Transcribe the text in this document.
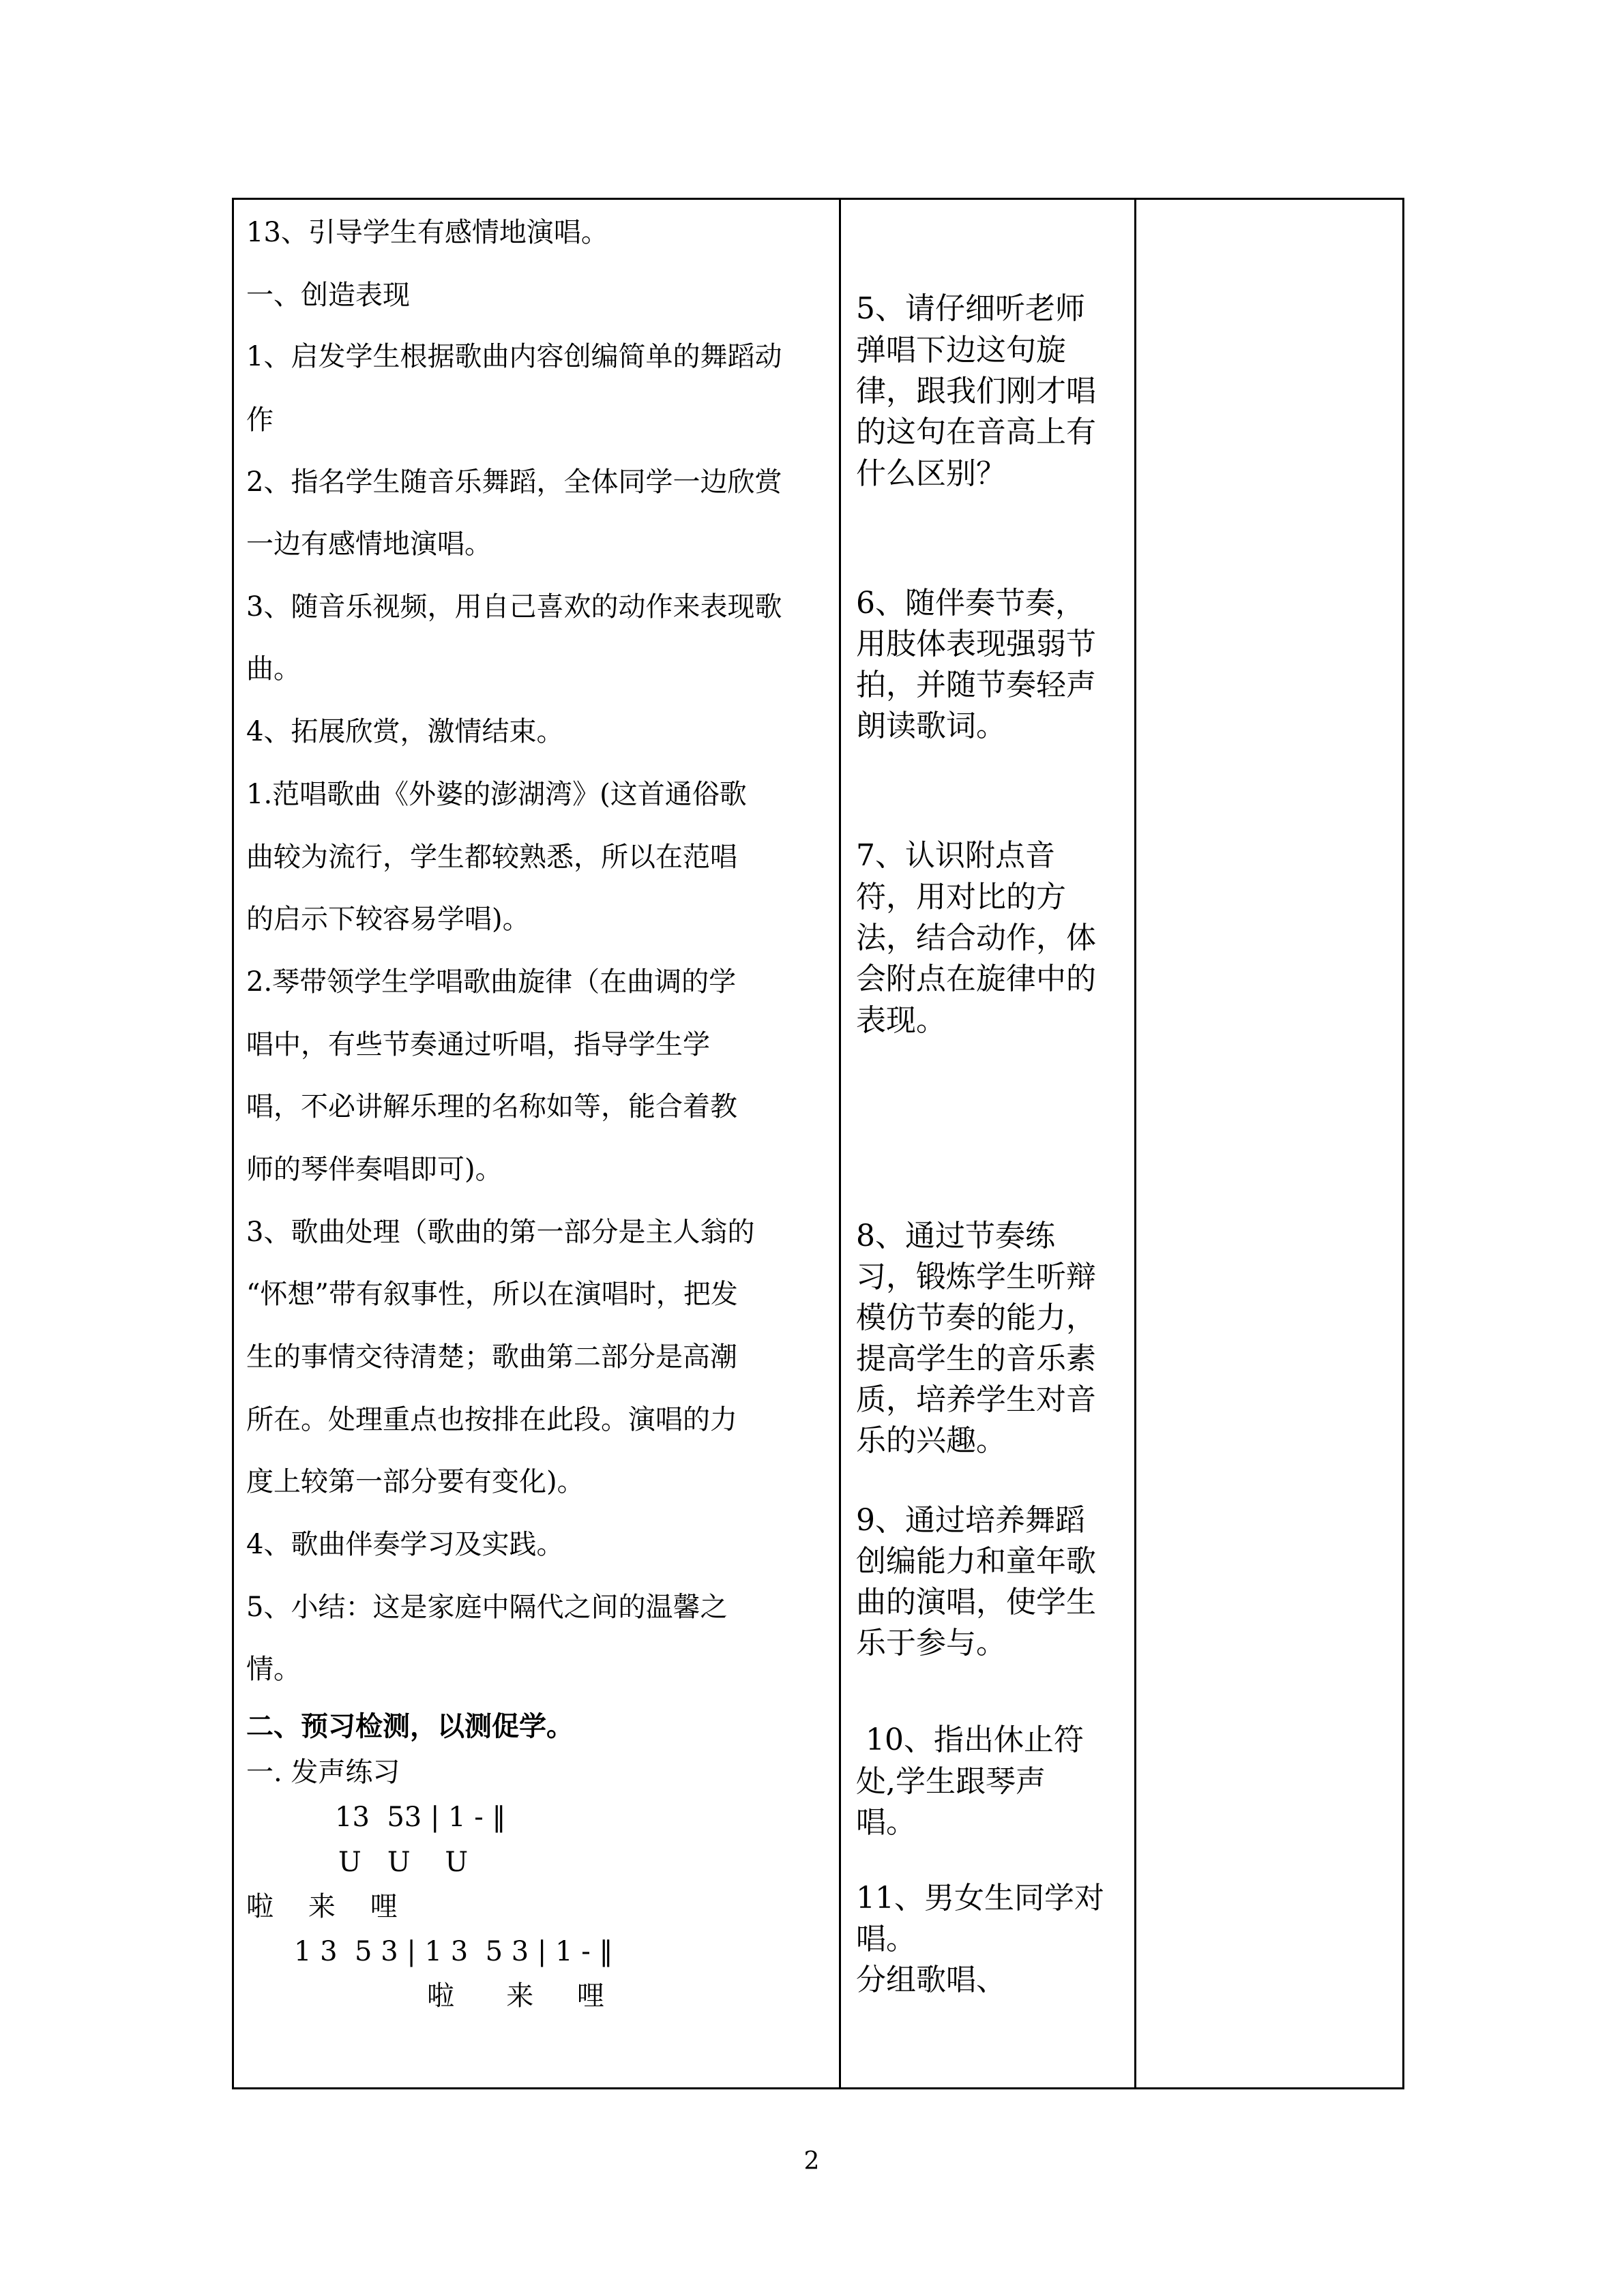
13、引导学生有感情地演唱。
一、创造表现
1、启发学生根据歌曲内容创编简单的舞蹈动
作
2、指名学生随音乐舞蹈，全体同学一边欣赏
一边有感情地演唱。
3、随音乐视频，用自己喜欢的动作来表现歌
曲。
4、拓展欣赏，激情结束。
1.范唱歌曲《外婆的澎湖湾》(这首通俗歌
曲较为流行，学生都较熟悉，所以在范唱
的启示下较容易学唱)。
2.琴带领学生学唱歌曲旋律（在曲调的学
唱中，有些节奏通过听唱，指导学生学
唱，不必讲解乐理的名称如等，能合着教
师的琴伴奏唱即可)。
3、歌曲处理（歌曲的第一部分是主人翁的
“怀想”带有叙事性，所以在演唱时，把发
生的事情交待清楚；歌曲第二部分是高潮
所在。处理重点也按排在此段。演唱的力
度上较第一部分要有变化)。
4、歌曲伴奏学习及实践。
5、小结：这是家庭中隔代之间的温馨之
情。
二、预习检测，以测促学。
一. 发声练习
13  53 | 1 - ‖
U   U    U
啦    来    哩
1 3  5 3 | 1 3  5 3 | 1 - ‖
啦      来     哩
5、请仔细听老师
弹唱下边这句旋
律，跟我们刚才唱
的这句在音高上有
什么区别？
6、随伴奏节奏，
用肢体表现强弱节
拍，并随节奏轻声
朗读歌词。
7、认识附点音
符，用对比的方
法，结合动作，体
会附点在旋律中的
表现。
8、通过节奏练
习，锻炼学生听辩
模仿节奏的能力，
提高学生的音乐素
质，培养学生对音
乐的兴趣。
9、通过培养舞蹈
创编能力和童年歌
曲的演唱，使学生
乐于参与。
10、指出休止符
处,学生跟琴声
唱。
11、男女生同学对
唱。
分组歌唱、
2
